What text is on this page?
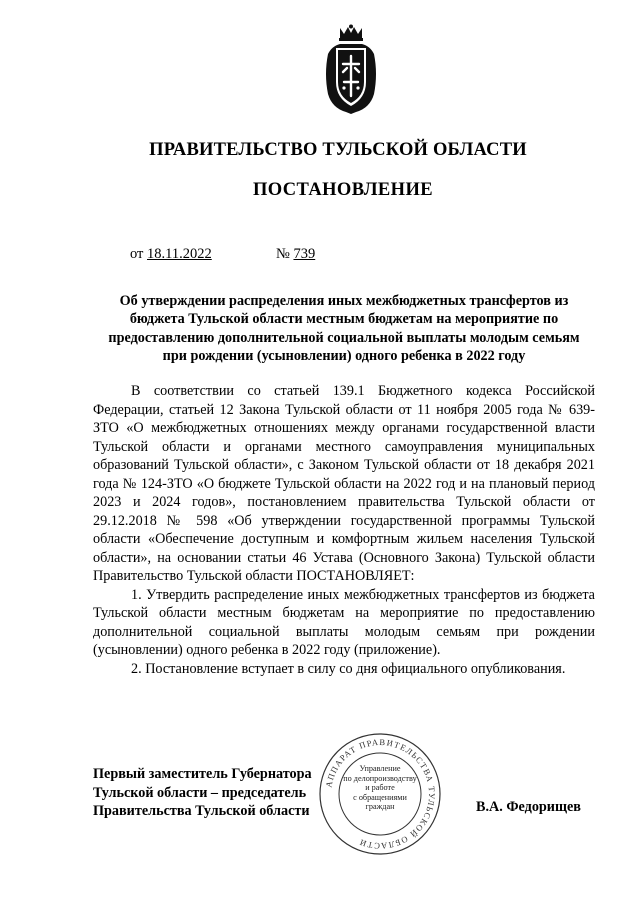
ПРАВИТЕЛЬСТВО ТУЛЬСКОЙ ОБЛАСТИ
ПОСТАНОВЛЕНИЕ
от 18.11.2022	№ 739
Об утверждении распределения иных межбюджетных трансфертов из бюджета Тульской области местным бюджетам на мероприятие по предоставлению дополнительной социальной выплаты молодым семьям при рождении (усыновлении) одного ребенка в 2022 году

В соответствии со статьей 139.1 Бюджетного кодекса Российской Федерации, статьей 12 Закона Тульской области от 11 ноября 2005 года № 639-ЗТО «О межбюджетных отношениях между органами государственной власти Тульской области и органами местного самоуправления муниципальных образований Тульской области», с Законом Тульской области от 18 декабря 2021 года № 124-ЗТО «О бюджете Тульской области на 2022 год и на плановый период 2023 и 2024 годов», постановлением правительства Тульской области от 29.12.2018 № 598 «Об утверждении государственной программы Тульской области «Обеспечение доступным и комфортным жильем населения Тульской области», на основании статьи 46 Устава (Основного Закона) Тульской области Правительство Тульской области ПОСТАНОВЛЯЕТ:

1. Утвердить распределение иных межбюджетных трансфертов из бюджета Тульской области местным бюджетам на мероприятие по предоставлению дополнительной социальной выплаты молодым семьям при рождении (усыновлении) одного ребенка в 2022 году (приложение).

2. Постановление вступает в силу со дня официального опубликования.

АППАРАТ ПРАВИТЕЛЬСТВА ТУЛЬСКОЙ ОБЛАСТИ
Управление
по делопроизводству
и работе
с обращениями
граждан
Первый заместитель Губернатора
Тульской области – председатель
Правительства Тульской области	В.А. Федорищев
